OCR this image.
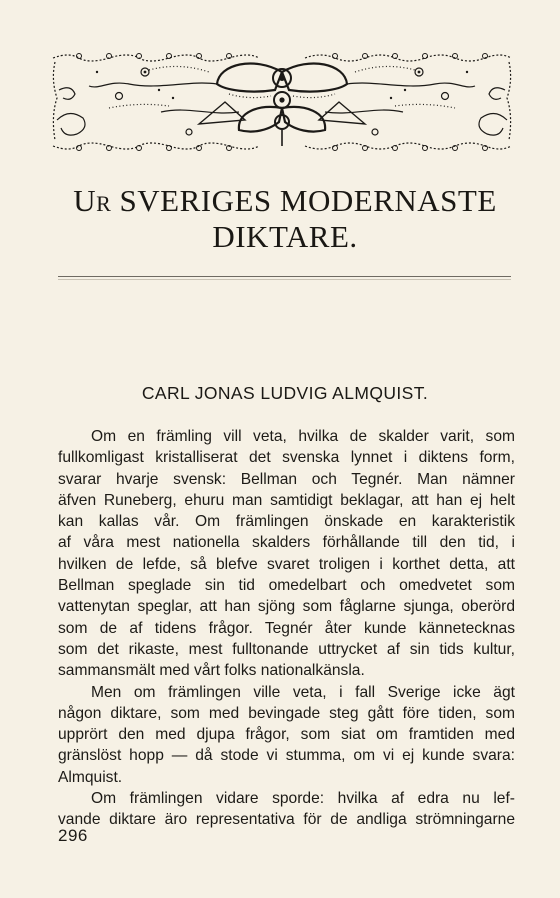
UR SVERIGES MODERNASTE
DIKTARE.
CARL JONAS LUDVIG ALMQUIST.
Om en främling vill veta, hvilka de skalder varit, som
fullkomligast kristalliserat det svenska lynnet i diktens form,
svarar hvarje svensk: Bellman och Tegnér. Man nämner
äfven Runeberg, ehuru man samtidigt beklagar, att han ej helt
kan kallas vår. Om främlingen önskade en karakteristik
af våra mest nationella skalders förhållande till den tid, i
hvilken de lefde, så blefve svaret troligen i korthet detta, att
Bellman speglade sin tid omedelbart och omedvetet som
vattenytan speglar, att han sjöng som fåglarne sjunga, oberörd
som de af tidens frågor. Tegnér åter kunde kännetecknas
som det rikaste, mest fulltonande uttrycket af sin tids kultur,
sammansmält med vårt folks nationalkänsla.
Men om främlingen ville veta, i fall Sverige icke ägt
någon diktare, som med bevingade steg gått före tiden, som
upprört den med djupa frågor, som siat om framtiden med
gränslöst hopp — då stode vi stumma, om vi ej kunde svara:
Almquist.
Om främlingen vidare sporde: hvilka af edra nu lef-
vande diktare äro representativa för de andliga strömningarne
296
